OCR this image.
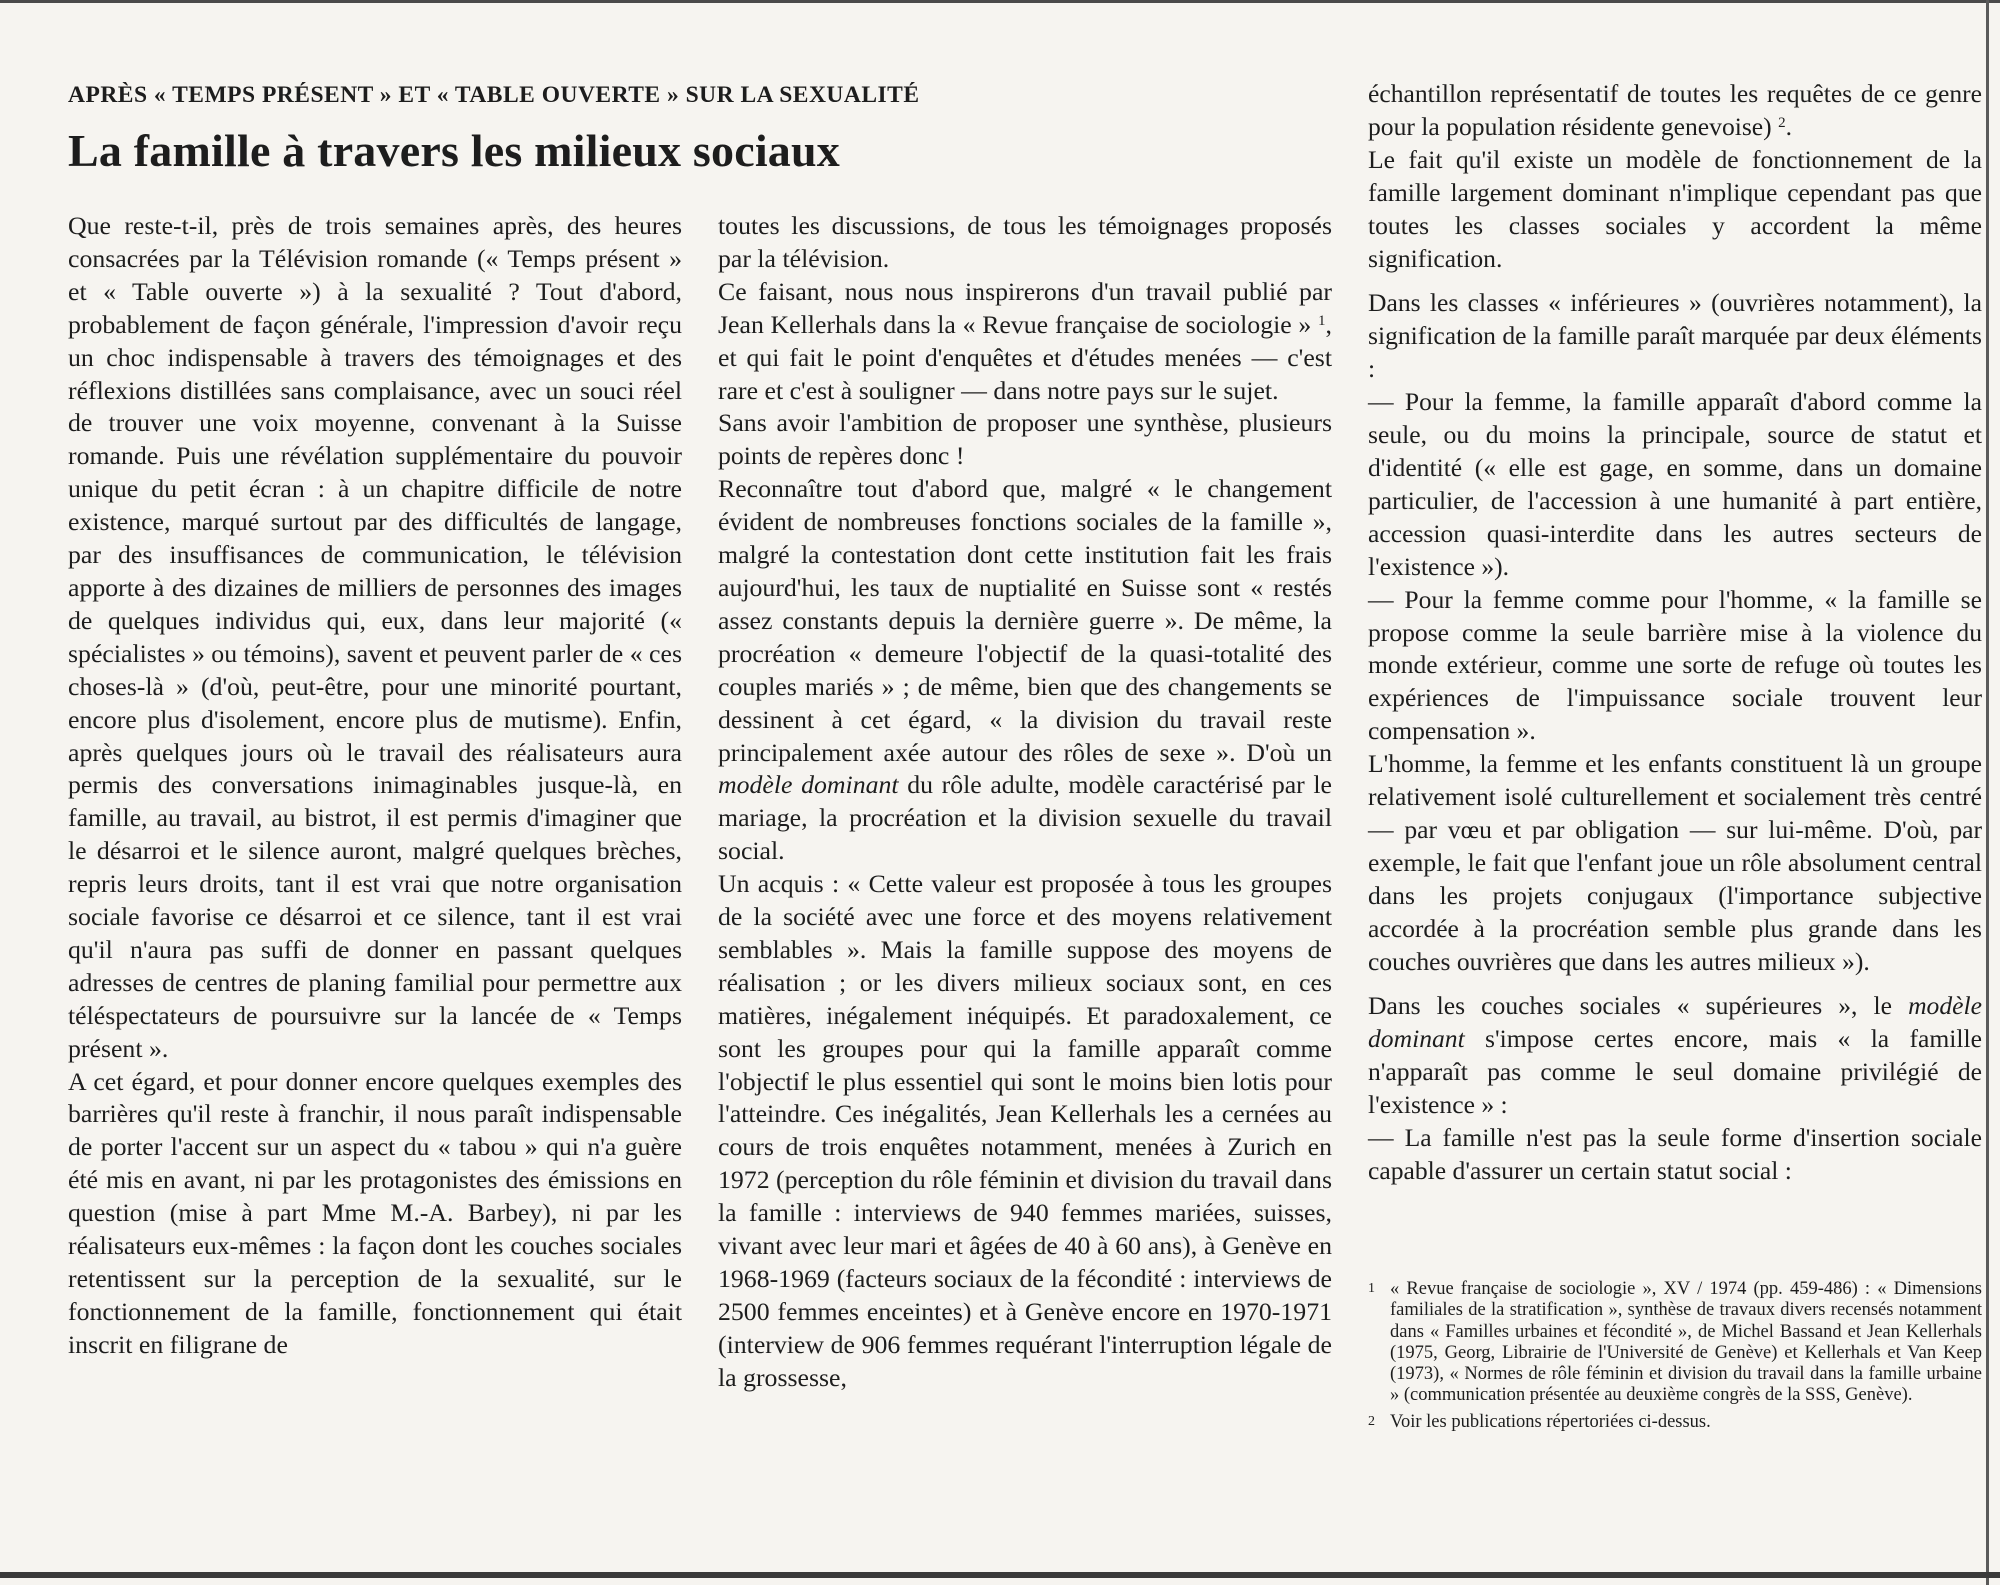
APRÈS « TEMPS PRÉSENT » ET « TABLE OUVERTE » SUR LA SEXUALITÉ
La famille à travers les milieux sociaux

Que reste-t-il, près de trois semaines après, des heures consacrées par la Télévision romande (« Temps présent » et « Table ouverte ») à la sexualité ? Tout d'abord, probablement de façon générale, l'impression d'avoir reçu un choc indispensable à travers des témoignages et des réflexions distillées sans complaisance, avec un souci réel de trouver une voix moyenne, convenant à la Suisse romande. Puis une révélation supplémentaire du pouvoir unique du petit écran : à un chapitre difficile de notre existence, marqué surtout par des difficultés de langage, par des insuffisances de communication, le télévision apporte à des dizaines de milliers de personnes des images de quelques individus qui, eux, dans leur majorité (« spécialistes » ou témoins), savent et peuvent parler de « ces choses-là » (d'où, peut-être, pour une minorité pourtant, encore plus d'isolement, encore plus de mutisme). Enfin, après quelques jours où le travail des réalisateurs aura permis des conversations inimaginables jusque-là, en famille, au travail, au bistrot, il est permis d'imaginer que le désarroi et le silence auront, malgré quelques brèches, repris leurs droits, tant il est vrai que notre organisation sociale favorise ce désarroi et ce silence, tant il est vrai qu'il n'aura pas suffi de donner en passant quelques adresses de centres de planing familial pour permettre aux téléspectateurs de poursuivre sur la lancée de « Temps présent ».

A cet égard, et pour donner encore quelques exemples des barrières qu'il reste à franchir, il nous paraît indispensable de porter l'accent sur un aspect du « tabou » qui n'a guère été mis en avant, ni par les protagonistes des émissions en question (mise à part Mme M.-A. Barbey), ni par les réalisateurs eux-mêmes : la façon dont les couches sociales retentissent sur la perception de la sexualité, sur le fonctionnement de la famille, fonctionnement qui était inscrit en filigrane de

toutes les discussions, de tous les témoignages proposés par la télévision.

Ce faisant, nous nous inspirerons d'un travail publié par Jean Kellerhals dans la « Revue française de sociologie » $^1$, et qui fait le point d'enquêtes et d'études menées — c'est rare et c'est à souligner — dans notre pays sur le sujet.

Sans avoir l'ambition de proposer une synthèse, plusieurs points de repères donc !

Reconnaître tout d'abord que, malgré « le changement évident de nombreuses fonctions sociales de la famille », malgré la contestation dont cette institution fait les frais aujourd'hui, les taux de nuptialité en Suisse sont « restés assez constants depuis la dernière guerre ». De même, la procréation « demeure l'objectif de la quasi-totalité des couples mariés » ; de même, bien que des changements se dessinent à cet égard, « la division du travail reste principalement axée autour des rôles de sexe ». D'où un modèle dominant du rôle adulte, modèle caractérisé par le mariage, la procréation et la division sexuelle du travail social.

Un acquis : « Cette valeur est proposée à tous les groupes de la société avec une force et des moyens relativement semblables ». Mais la famille suppose des moyens de réalisation ; or les divers milieux sociaux sont, en ces matières, inégalement inéquipés. Et paradoxalement, ce sont les groupes pour qui la famille apparaît comme l'objectif le plus essentiel qui sont le moins bien lotis pour l'atteindre. Ces inégalités, Jean Kellerhals les a cernées au cours de trois enquêtes notamment, menées à Zurich en 1972 (perception du rôle féminin et division du travail dans la famille : interviews de 940 femmes mariées, suisses, vivant avec leur mari et âgées de 40 à 60 ans), à Genève en 1968-1969 (facteurs sociaux de la fécondité : interviews de 2500 femmes enceintes) et à Genève encore en 1970-1971 (interview de 906 femmes requérant l'interruption légale de la grossesse,

échantillon représentatif de toutes les requêtes de ce genre pour la population résidente genevoise) $^2$.

Le fait qu'il existe un modèle de fonctionnement de la famille largement dominant n'implique cependant pas que toutes les classes sociales y accordent la même signification.

Dans les classes « inférieures » (ouvrières notamment), la signification de la famille paraît marquée par deux éléments :

— Pour la femme, la famille apparaît d'abord comme la seule, ou du moins la principale, source de statut et d'identité (« elle est gage, en somme, dans un domaine particulier, de l'accession à une humanité à part entière, accession quasi-interdite dans les autres secteurs de l'existence »).

— Pour la femme comme pour l'homme, « la famille se propose comme la seule barrière mise à la violence du monde extérieur, comme une sorte de refuge où toutes les expériences de l'impuissance sociale trouvent leur compensation ».

L'homme, la femme et les enfants constituent là un groupe relativement isolé culturellement et socialement très centré — par vœu et par obligation — sur lui-même. D'où, par exemple, le fait que l'enfant joue un rôle absolument central dans les projets conjugaux (l'importance subjective accordée à la procréation semble plus grande dans les couches ouvrières que dans les autres milieux »).

Dans les couches sociales « supérieures », le modèle dominant s'impose certes encore, mais « la famille n'apparaît pas comme le seul domaine privilégié de l'existence » :

— La famille n'est pas la seule forme d'insertion sociale capable d'assurer un certain statut social :

1 « Revue française de sociologie », XV / 1974 (pp. 459-486) : « Dimensions familiales de la stratification », synthèse de travaux divers recensés notamment dans « Familles urbaines et fécondité », de Michel Bassand et Jean Kellerhals (1975, Georg, Librairie de l'Université de Genève) et Kellerhals et Van Keep (1973), « Normes de rôle féminin et division du travail dans la famille urbaine » (communication présentée au deuxième congrès de la SSS, Genève).

2 Voir les publications répertoriées ci-dessus.
